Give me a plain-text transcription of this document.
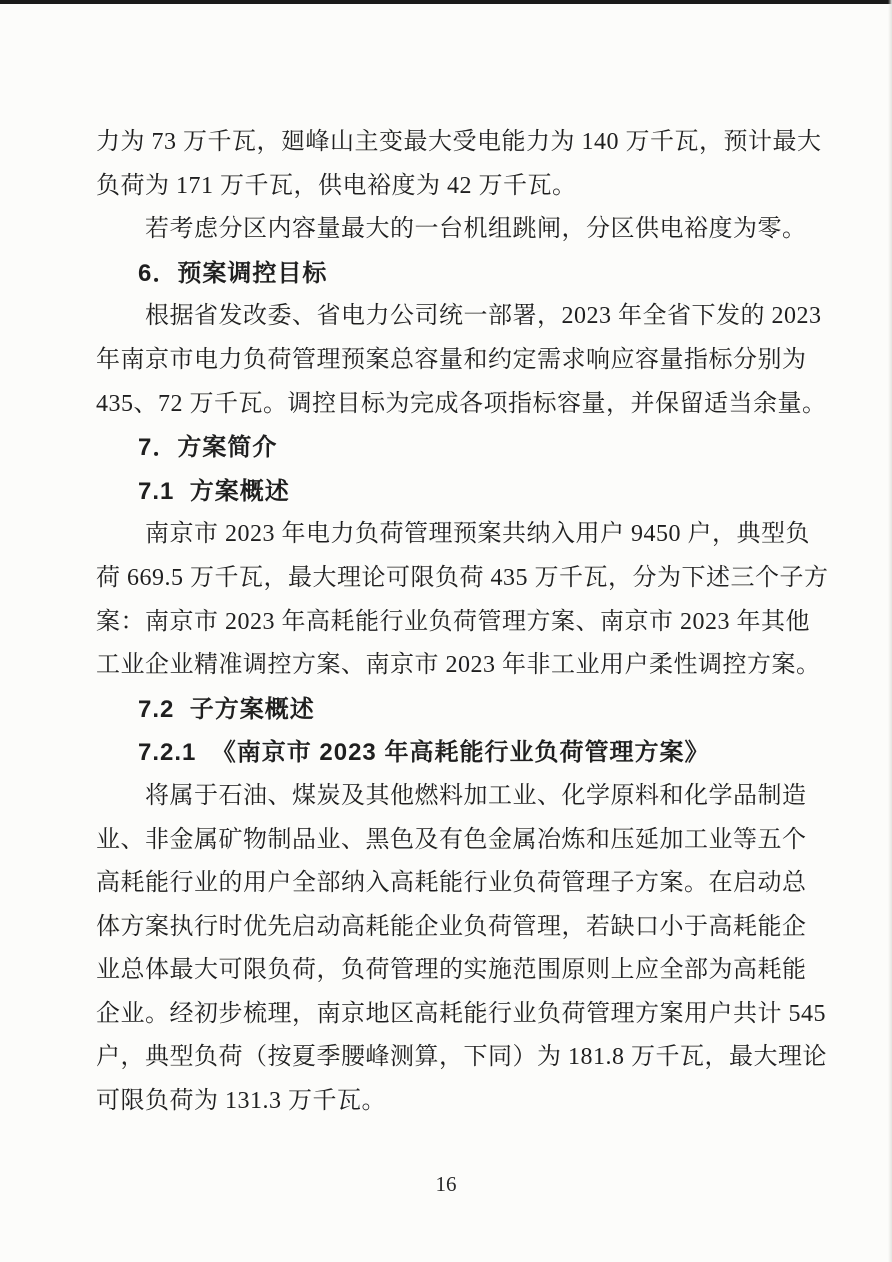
力为 73 万千瓦，廻峰山主变最大受电能力为 140 万千瓦，预计最大
负荷为 171 万千瓦，供电裕度为 42 万千瓦。
若考虑分区内容量最大的一台机组跳闸，分区供电裕度为零。
6．预案调控目标
根据省发改委、省电力公司统一部署，2023 年全省下发的 2023
年南京市电力负荷管理预案总容量和约定需求响应容量指标分别为
435、72 万千瓦。调控目标为完成各项指标容量，并保留适当余量。
7．方案简介
7.1  方案概述
南京市 2023 年电力负荷管理预案共纳入用户 9450 户，典型负
荷 669.5 万千瓦，最大理论可限负荷 435 万千瓦，分为下述三个子方
案：南京市 2023 年高耗能行业负荷管理方案、南京市 2023 年其他
工业企业精准调控方案、南京市 2023 年非工业用户柔性调控方案。
7.2  子方案概述
7.2.1  《南京市 2023 年高耗能行业负荷管理方案》
将属于石油、煤炭及其他燃料加工业、化学原料和化学品制造
业、非金属矿物制品业、黑色及有色金属冶炼和压延加工业等五个
高耗能行业的用户全部纳入高耗能行业负荷管理子方案。在启动总
体方案执行时优先启动高耗能企业负荷管理，若缺口小于高耗能企
业总体最大可限负荷，负荷管理的实施范围原则上应全部为高耗能
企业。经初步梳理，南京地区高耗能行业负荷管理方案用户共计 545
户，典型负荷（按夏季腰峰测算，下同）为 181.8 万千瓦，最大理论
可限负荷为 131.3 万千瓦。
16
